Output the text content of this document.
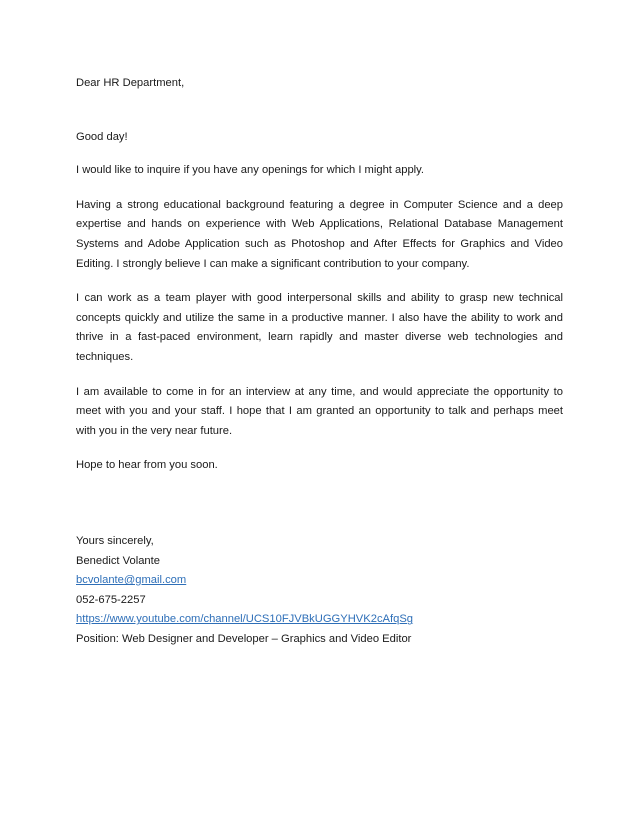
Dear HR Department,

Good day!

I would like to inquire if you have any openings for which I might apply.

Having a strong educational background featuring a degree in Computer Science and a deep expertise and hands on experience with Web Applications, Relational Database Management Systems and Adobe Application such as Photoshop and After Effects for Graphics and Video Editing. I strongly believe I can make a significant contribution to your company.

I can work as a team player with good interpersonal skills and ability to grasp new technical concepts quickly and utilize the same in a productive manner. I also have the ability to work and thrive in a fast-paced environment, learn rapidly and master diverse web technologies and techniques.

I am available to come in for an interview at any time, and would appreciate the opportunity to meet with you and your staff. I hope that I am granted an opportunity to talk and perhaps meet with you in the very near future.

Hope to hear from you soon.

Yours sincerely,

Benedict Volante

bcvolante@gmail.com

052-675-2257

https://www.youtube.com/channel/UCS10FJVBkUGGYHVK2cAfqSg

Position: Web Designer and Developer – Graphics and Video Editor
